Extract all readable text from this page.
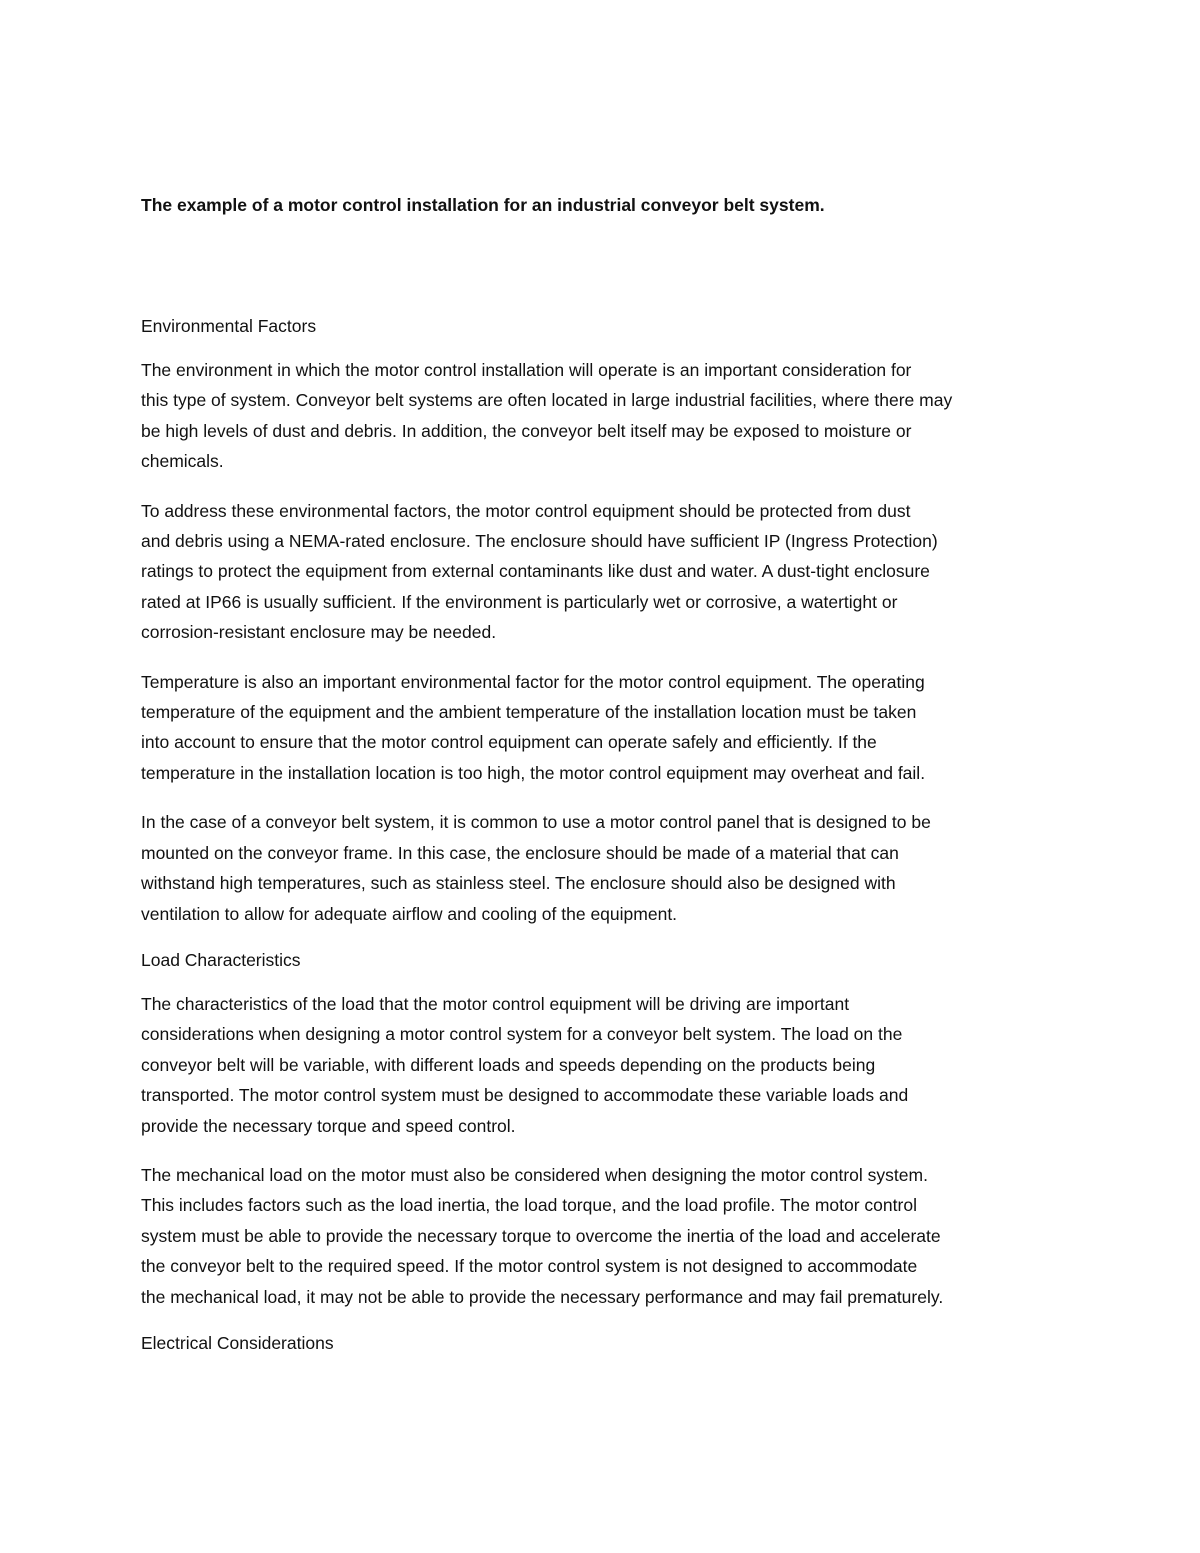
The example of a motor control installation for an industrial conveyor belt system.
Environmental Factors

The environment in which the motor control installation will operate is an important consideration for
this type of system. Conveyor belt systems are often located in large industrial facilities, where there may
be high levels of dust and debris. In addition, the conveyor belt itself may be exposed to moisture or
chemicals.

To address these environmental factors, the motor control equipment should be protected from dust
and debris using a NEMA-rated enclosure. The enclosure should have sufficient IP (Ingress Protection)
ratings to protect the equipment from external contaminants like dust and water. A dust-tight enclosure
rated at IP66 is usually sufficient. If the environment is particularly wet or corrosive, a watertight or
corrosion-resistant enclosure may be needed.

Temperature is also an important environmental factor for the motor control equipment. The operating
temperature of the equipment and the ambient temperature of the installation location must be taken
into account to ensure that the motor control equipment can operate safely and efficiently. If the
temperature in the installation location is too high, the motor control equipment may overheat and fail.

In the case of a conveyor belt system, it is common to use a motor control panel that is designed to be
mounted on the conveyor frame. In this case, the enclosure should be made of a material that can
withstand high temperatures, such as stainless steel. The enclosure should also be designed with
ventilation to allow for adequate airflow and cooling of the equipment.

Load Characteristics

The characteristics of the load that the motor control equipment will be driving are important
considerations when designing a motor control system for a conveyor belt system. The load on the
conveyor belt will be variable, with different loads and speeds depending on the products being
transported. The motor control system must be designed to accommodate these variable loads and
provide the necessary torque and speed control.

The mechanical load on the motor must also be considered when designing the motor control system.
This includes factors such as the load inertia, the load torque, and the load profile. The motor control
system must be able to provide the necessary torque to overcome the inertia of the load and accelerate
the conveyor belt to the required speed. If the motor control system is not designed to accommodate
the mechanical load, it may not be able to provide the necessary performance and may fail prematurely.

Electrical Considerations
